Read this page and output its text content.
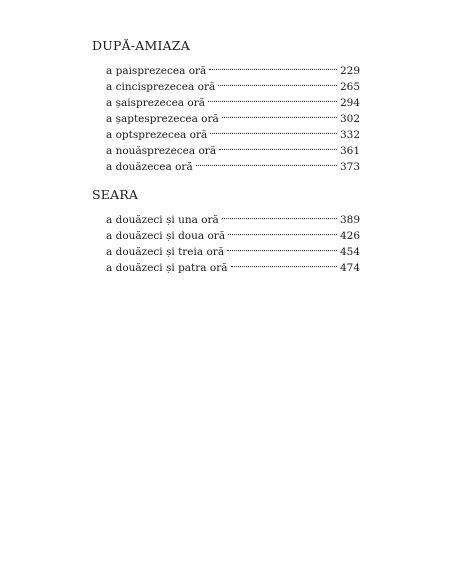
DUPĂ-AMIAZA
a paisprezecea oră	229
a cincisprezecea oră	265
a șaisprezecea oră	294
a șaptesprezecea oră	302
a optsprezecea oră	332
a nouăsprezecea oră	361
a douăzecea oră	373
SEARA
a douăzeci și una oră	389
a douăzeci și doua oră	426
a douăzeci și treia oră	454
a douăzeci și patra oră	474
